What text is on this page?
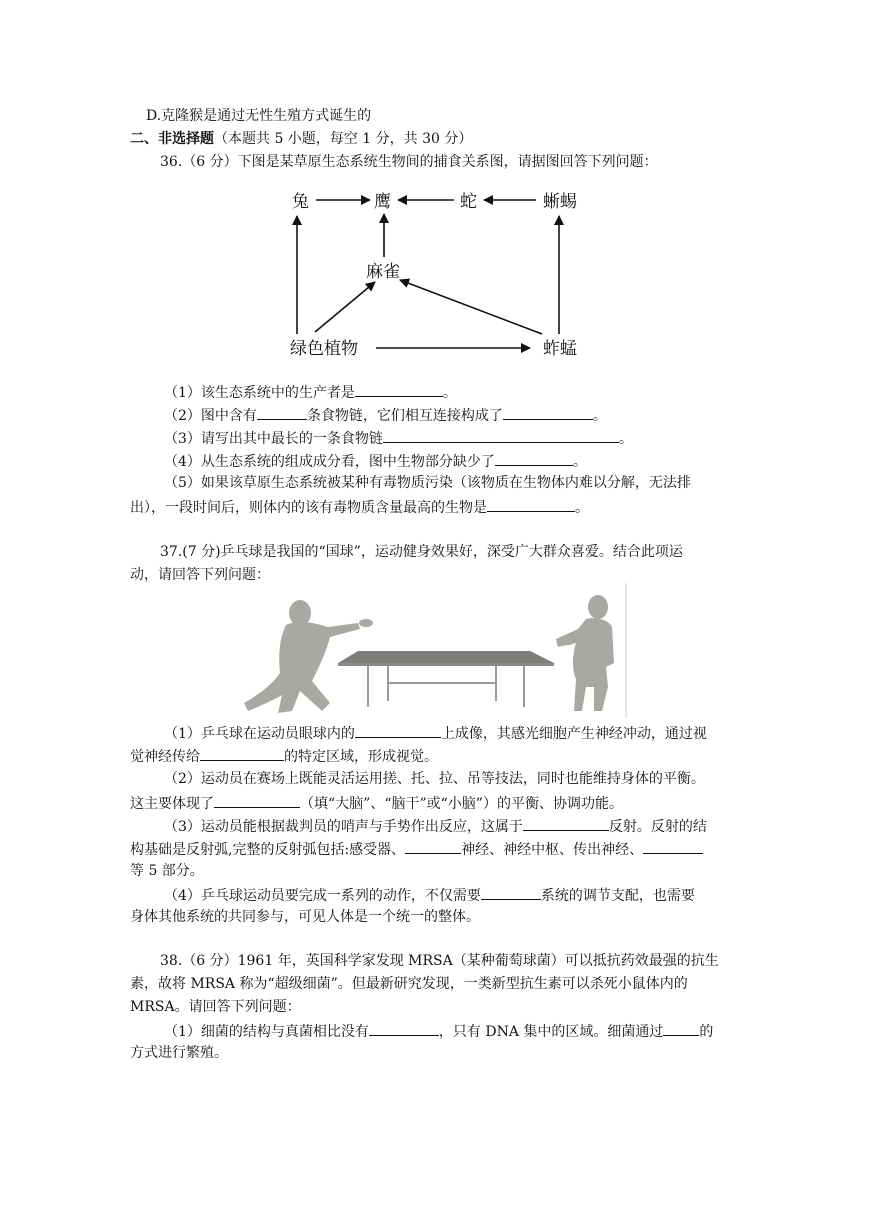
D.克隆猴是通过无性生殖方式诞生的
二、非选择题（本题共 5 小题，每空 1 分，共 30 分）
36.（6 分）下图是某草原生态系统生物间的捕食关系图，请据图回答下列问题：
兔	鹰	蛇	蜥蜴
麻雀
绿色植物	蚱蜢
（1）该生态系统中的生产者是	。
（2）图中含有	条食物链，它们相互连接构成了	。
（3）请写出其中最长的一条食物链	。
（4）从生态系统的组成成分看，图中生物部分缺少了	。
（5）如果该草原生态系统被某种有毒物质污染（该物质在生物体内难以分解，无法排
出），一段时间后，则体内的该有毒物质含量最高的生物是	。
37.(7 分)乒乓球是我国的“国球”，运动健身效果好，深受广大群众喜爱。结合此项运
动，请回答下列问题：
（1）乒乓球在运动员眼球内的	上成像，其感光细胞产生神经冲动，通过视
觉神经传给	的特定区域，形成视觉。
（2）运动员在赛场上既能灵活运用搓、托、拉、吊等技法，同时也能维持身体的平衡。
这主要体现了	（填“大脑”、“脑干”或“小脑”）的平衡、协调功能。
（3）运动员能根据裁判员的哨声与手势作出反应，这属于	反射。反射的结
构基础是反射弧,完整的反射弧包括:感受器、	神经、神经中枢、传出神经、
等 5 部分。
（4）乒乓球运动员要完成一系列的动作，不仅需要	系统的调节支配，也需要
身体其他系统的共同参与，可见人体是一个统一的整体。
38.（6 分）1961 年，英国科学家发现 MRSA（某种葡萄球菌）可以抵抗药效最强的抗生
素，故将 MRSA 称为“超级细菌”。但最新研究发现，一类新型抗生素可以杀死小鼠体内的
MRSA。请回答下列问题：
（1）细菌的结构与真菌相比没有	，只有 DNA 集中的区域。细菌通过	的
方式进行繁殖。
